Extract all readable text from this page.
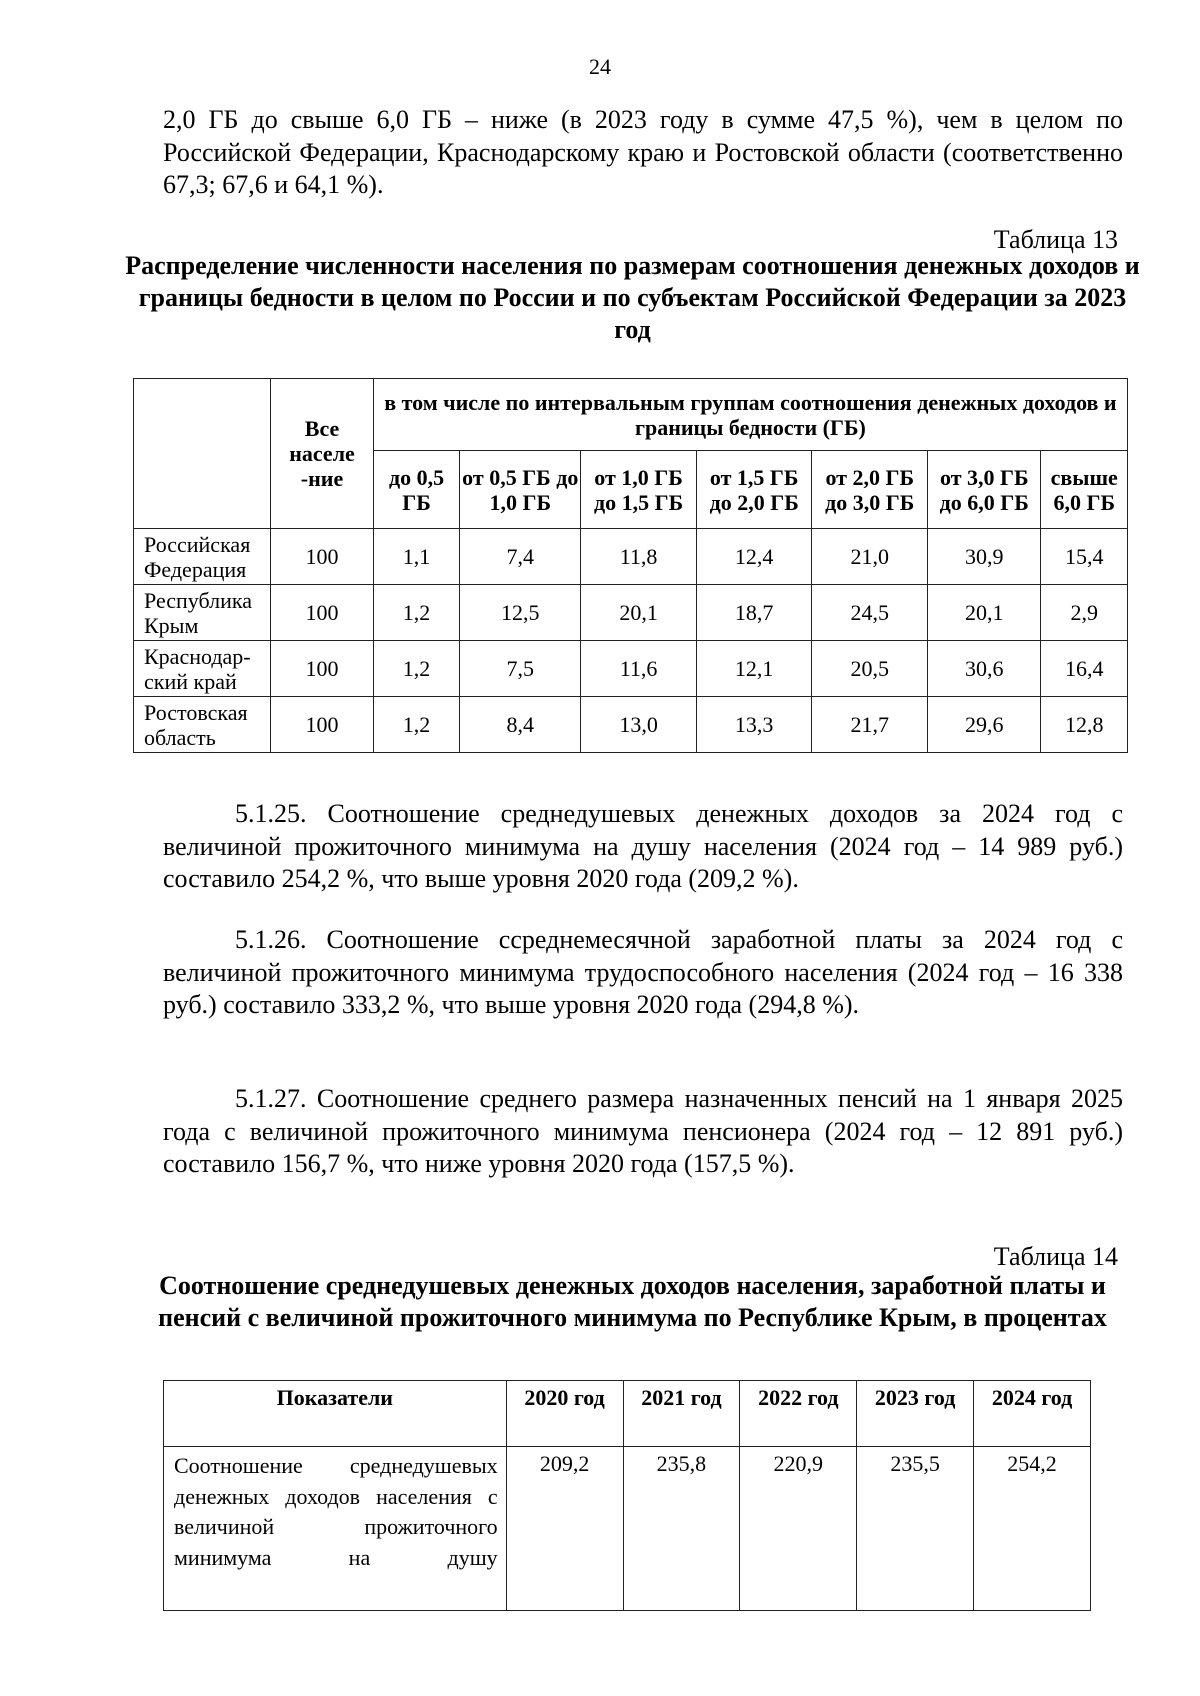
24
2,0 ГБ до свыше 6,0 ГБ – ниже (в 2023 году в сумме 47,5 %), чем в целом по Российской Федерации, Краснодарскому краю и Ростовской области (соответственно 67,3; 67,6 и 64,1 %).
Таблица 13
Распределение численности населения по размерам соотношения денежных доходов и границы бедности в целом по России и по субъектам Российской Федерации за 2023 год
	Все населе -ние	в том числе по интервальным группам соотношения денежных доходов и границы бедности (ГБ)						
		до 0,5 ГБ	от 0,5 ГБ до 1,0 ГБ	от 1,0 ГБ до 1,5 ГБ	от 1,5 ГБ до 2,0 ГБ	от 2,0 ГБ до 3,0 ГБ	от 3,0 ГБ до 6,0 ГБ	свыше 6,0 ГБ
Российская Федерация	100	1,1	7,4	11,8	12,4	21,0	30,9	15,4
Республика Крым	100	1,2	12,5	20,1	18,7	24,5	20,1	2,9
Краснодар-ский край	100	1,2	7,5	11,6	12,1	20,5	30,6	16,4
Ростовская область	100	1,2	8,4	13,0	13,3	21,7	29,6	12,8
5.1.25. Соотношение среднедушевых денежных доходов за 2024 год с величиной прожиточного минимума на душу населения (2024 год – 14 989 руб.) составило 254,2 %, что выше уровня 2020 года (209,2 %).
5.1.26. Соотношение ссреднемесячной заработной платы за 2024 год с величиной прожиточного минимума трудоспособного населения (2024 год – 16 338 руб.) составило 333,2 %, что выше уровня 2020 года (294,8 %).
5.1.27. Соотношение среднего размера назначенных пенсий на 1 января 2025 года с величиной прожиточного минимума пенсионера (2024 год – 12 891 руб.) составило 156,7 %, что ниже уровня 2020 года (157,5 %).
Таблица 14
Соотношение среднедушевых денежных доходов населения, заработной платы и пенсий с величиной прожиточного минимума по Республике Крым, в процентах
Показатели	2020 год	2021 год	2022 год	2023 год	2024 год
Соотношение среднедушевых денежных доходов населения с величиной прожиточного минимума на душу	209,2	235,8	220,9	235,5	254,2
